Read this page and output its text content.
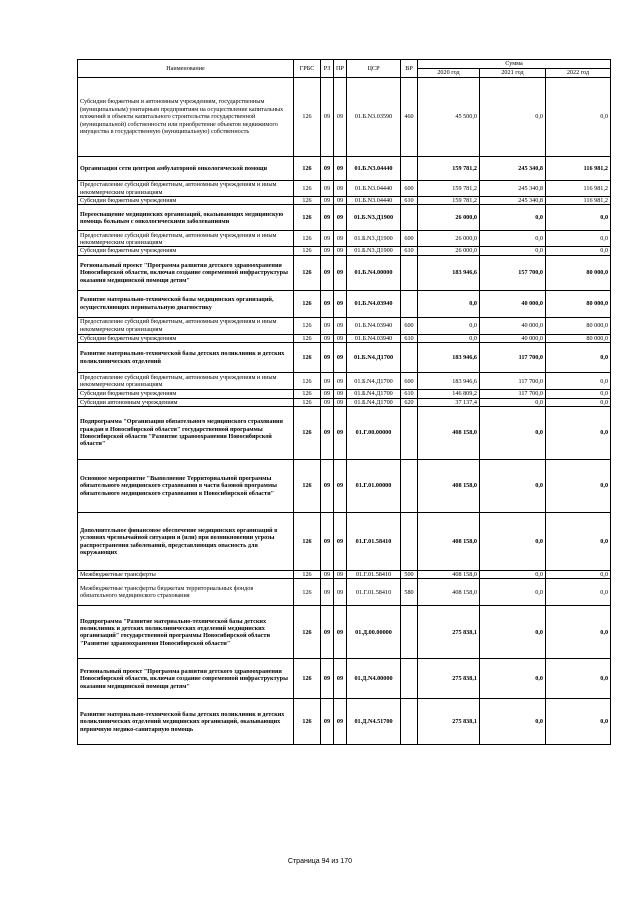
Наименование	ГРБС	РЗ	ПР	ЦСР	ВР	Сумма		
						2020 год	2021 год	2022 год
Субсидии бюджетным и автономным учреждениям, государственным (муниципальным) унитарным предприятиям на осуществление капитальных вложений в объекты капитального строительства государственной (муниципальной) собственности или приобретение объектов недвижимого имущества в государственную (муниципальную) собственность	126	09	09	01.Б.N3.03590	460	45 500,0	0,0	0,0
Организация сети центров амбулаторной онкологической помощи	126	09	09	01.Б.N3.04440		159 781,2	245 340,8	116 981,2
Предоставление субсидий бюджетным, автономным учреждениям и иным некоммерческим организациям	126	09	09	01.Б.N3.04440	600	159 781,2	245 340,8	116 981,2
Субсидии бюджетным учреждениям	126	09	09	01.Б.N3.04440	610	159 781,2	245 340,8	116 981,2
Переоснащение медицинских организаций, оказывающих медицинскую помощь больным с онкологическими заболеваниями	126	09	09	01.Б.N3.Д1900		26 000,0	0,0	0,0
Предоставление субсидий бюджетным, автономным учреждениям и иным некоммерческим организациям	126	09	09	01.Б.N3.Д1900	600	26 000,0	0,0	0,0
Субсидии бюджетным учреждениям	126	09	09	01.Б.N3.Д1900	610	26 000,0	0,0	0,0
Региональный проект "Программа развития детского здравоохранения Новосибирской области, включая создание современной инфраструктуры оказания медицинской помощи детям"	126	09	09	01.Б.N4.00000		183 946,6	157 700,0	80 000,0
Развитие материально-технической базы медицинских организаций, осуществляющих перинатальную диагностику	126	09	09	01.Б.N4.03940		0,0	40 000,0	80 000,0
Предоставление субсидий бюджетным, автономным учреждениям и иным некоммерческим организациям	126	09	09	01.Б.N4.03940	600	0,0	40 000,0	80 000,0
Субсидии бюджетным учреждениям	126	09	09	01.Б.N4.03940	610	0,0	40 000,0	80 000,0
Развитие материально-технической базы детских поликлиник и детских поликлинических отделений	126	09	09	01.Б.N4.Д1700		183 946,6	117 700,0	0,0
Предоставление субсидий бюджетным, автономным учреждениям и иным некоммерческим организациям	126	09	09	01.Б.N4.Д1700	600	183 946,6	117 700,0	0,0
Субсидии бюджетным учреждениям	126	09	09	01.Б.N4.Д1700	610	146 809,2	117 700,0	0,0
Субсидии автономным учреждениям	126	09	09	01.Б.N4.Д1700	620	37 137,4	0,0	0,0
Подпрограмма "Организация обязательного медицинского страхования граждан в Новосибирской области" государственной программы Новосибирской области "Развитие здравоохранения Новосибирской области"	126	09	09	01.Г.00.00000		408 158,0	0,0	0,0
Основное мероприятие "Выполнение Территориальной программы обязательного медицинского страхования в части базовой программы обязательного медицинского страхования в Новосибирской области"	126	09	09	01.Г.01.00000		408 158,0	0,0	0,0
Дополнительное финансовое обеспечение медицинских организаций в условиях чрезвычайной ситуации и (или) при возникновении угрозы распространения заболеваний, представляющих опасность для окружающих	126	09	09	01.Г.01.58410		408 158,0	0,0	0,0
Межбюджетные трансферты	126	09	09	01.Г.01.58410	500	408 158,0	0,0	0,0
Межбюджетные трансферты бюджетам территориальных фондов обязательного медицинского страхования	126	09	09	01.Г.01.58410	580	408 158,0	0,0	0,0
Подпрограмма "Развитие материально-технической базы детских поликлиник и детских поликлинических отделений медицинских организаций" государственной программы Новосибирской области "Развитие здравоохранения Новосибирской области"	126	09	09	01.Д.00.00000		275 838,1	0,0	0,0
Региональный проект "Программа развития детского здравоохранения Новосибирской области, включая создание современной инфраструктуры оказания медицинской помощи детям"	126	09	09	01.Д.N4.00000		275 838,1	0,0	0,0
Развитие материально-технической базы детских поликлиник и детских поликлинических отделений медицинских организаций, оказывающих первичную медико-санитарную помощь	126	09	09	01.Д.N4.51700		275 838,1	0,0	0,0
Страница 94 из 170
